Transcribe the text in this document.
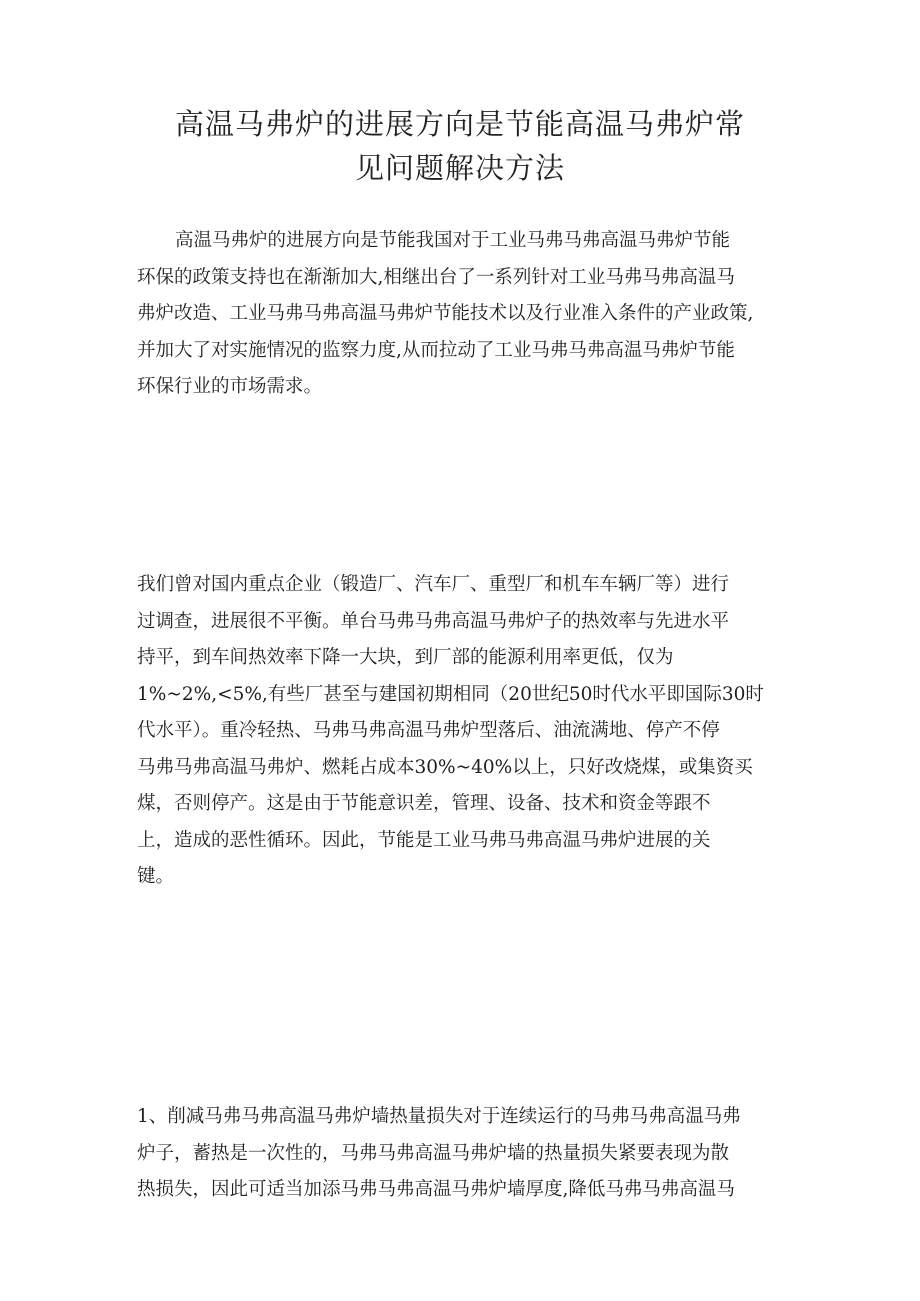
高温马弗炉的进展方向是节能高温马弗炉常
见问题解决方法

高温马弗炉的进展方向是节能我国对于工业马弗马弗高温马弗炉节能
环保的政策支持也在渐渐加大,相继出台了一系列针对工业马弗马弗高温马
弗炉改造、工业马弗马弗高温马弗炉节能技术以及行业准入条件的产业政策,
并加大了对实施情况的监察力度,从而拉动了工业马弗马弗高温马弗炉节能
环保行业的市场需求。

我们曾对国内重点企业（锻造厂、汽车厂、重型厂和机车车辆厂等）进行
过调查，进展很不平衡。单台马弗马弗高温马弗炉子的热效率与先进水平
持平，到车间热效率下降一大块，到厂部的能源利用率更低，仅为
1%~2%,<5%,有些厂甚至与建国初期相同（20世纪50时代水平即国际30时
代水平）。重冷轻热、马弗马弗高温马弗炉型落后、油流满地、停产不停
马弗马弗高温马弗炉、燃耗占成本30%~40%以上，只好改烧煤，或集资买
煤，否则停产。这是由于节能意识差，管理、设备、技术和资金等跟不
上，造成的恶性循环。因此，节能是工业马弗马弗高温马弗炉进展的关
键。

1、削减马弗马弗高温马弗炉墙热量损失对于连续运行的马弗马弗高温马弗
炉子，蓄热是一次性的，马弗马弗高温马弗炉墙的热量损失紧要表现为散
热损失，因此可适当加添马弗马弗高温马弗炉墙厚度,降低马弗马弗高温马
